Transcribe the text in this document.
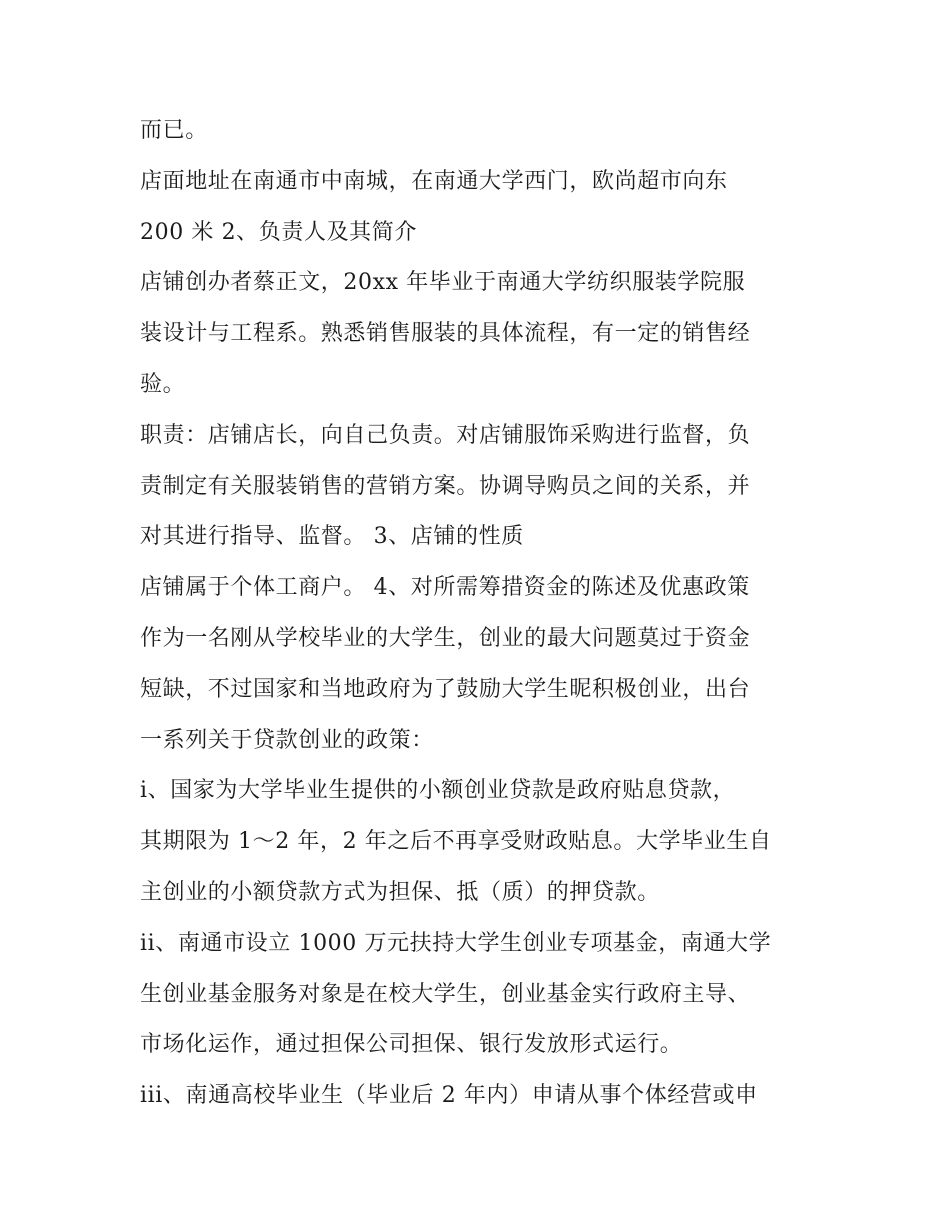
而已。
店面地址在南通市中南城，在南通大学西门，欧尚超市向东
200 米 2、负责人及其简介
店铺创办者蔡正文，20xx 年毕业于南通大学纺织服装学院服
装设计与工程系。熟悉销售服装的具体流程，有一定的销售经
验。
职责：店铺店长，向自己负责。对店铺服饰采购进行监督，负
责制定有关服装销售的营销方案。协调导购员之间的关系，并
对其进行指导、监督。 3、店铺的性质
店铺属于个体工商户。 4、对所需筹措资金的陈述及优惠政策
作为一名刚从学校毕业的大学生，创业的最大问题莫过于资金
短缺，不过国家和当地政府为了鼓励大学生昵积极创业，出台
一系列关于贷款创业的政策：
i、国家为大学毕业生提供的小额创业贷款是政府贴息贷款，
其期限为 1～2 年，2 年之后不再享受财政贴息。大学毕业生自
主创业的小额贷款方式为担保、抵（质）的押贷款。
ii、南通市设立 1000 万元扶持大学生创业专项基金，南通大学
生创业基金服务对象是在校大学生，创业基金实行政府主导、
市场化运作，通过担保公司担保、银行发放形式运行。
iii、南通高校毕业生（毕业后 2 年内）申请从事个体经营或申
